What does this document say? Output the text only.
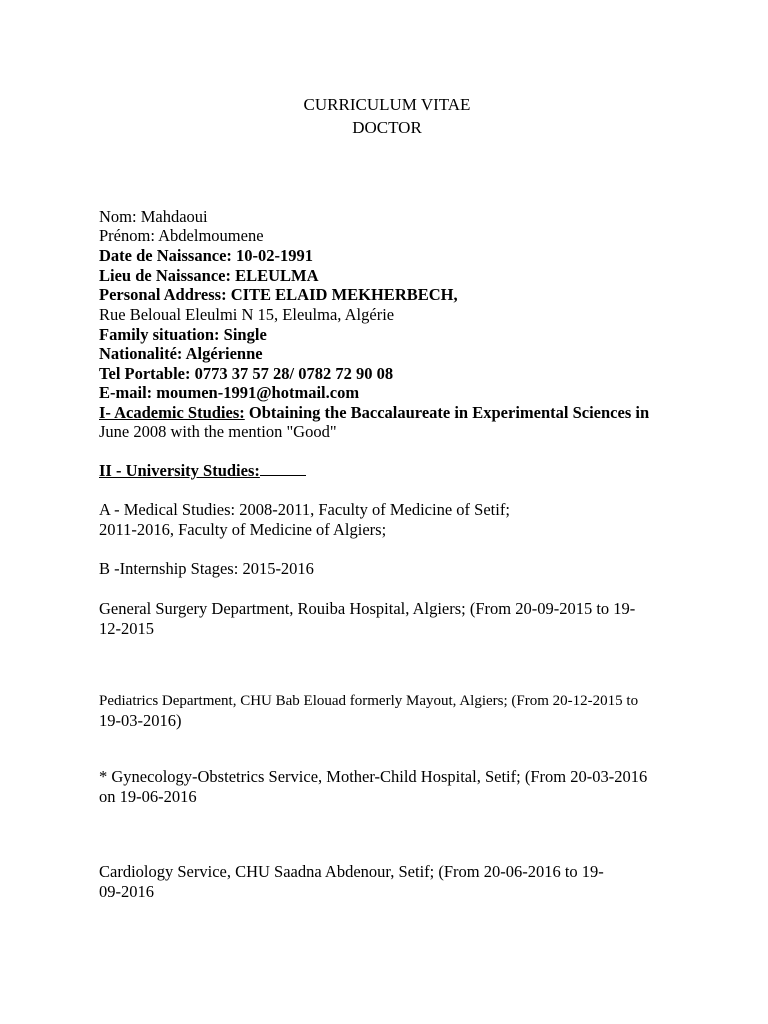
CURRICULUM VITAE
DOCTOR
Nom: Mahdaoui
Prénom: Abdelmoumene
Date de Naissance: 10-02-1991
Lieu de Naissance: ELEULMA
Personal Address: CITE ELAID MEKHERBECH,
Rue Beloual Eleulmi N 15, Eleulma, Algérie
Family situation: Single
Nationalité: Algérienne
Tel Portable: 0773 37 57 28/ 0782 72 90 08
E-mail: moumen-1991@hotmail.com
I- Academic Studies: Obtaining the Baccalaureate in Experimental Sciences in
June 2008 with the mention "Good"
II - University Studies:
A - Medical Studies: 2008-2011, Faculty of Medicine of Setif;
2011-2016, Faculty of Medicine of Algiers;
B -Internship Stages: 2015-2016
General Surgery Department, Rouiba Hospital, Algiers; (From 20-09-2015 to 19-
12-2015
Pediatrics Department, CHU Bab Elouad formerly Mayout, Algiers; (From 20-12-2015 to
19-03-2016)
* Gynecology-Obstetrics Service, Mother-Child Hospital, Setif; (From 20-03-2016
on 19-06-2016
Cardiology Service, CHU Saadna Abdenour, Setif; (From 20-06-2016 to 19-
09-2016
